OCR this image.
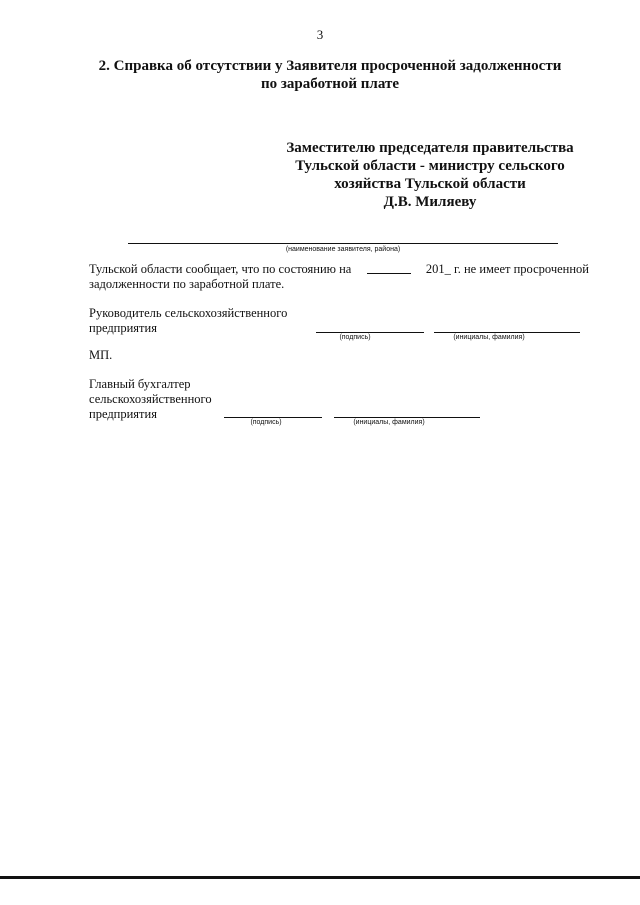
3
2. Справка об отсутствии у Заявителя просроченной задолженности
по заработной плате
Заместителю председателя правительства
Тульской области - министру сельского
хозяйства Тульской области
Д.В. Миляеву
(наименование заявителя, района)
Тульской области сообщает, что по состоянию на	201_ г. не имеет просроченной
задолженности по заработной плате.
Руководитель сельскохозяйственного
предприятия
(подпись)	(инициалы, фамилия)
МП.
Главный бухгалтер
сельскохозяйственного
предприятия
(подпись)	(инициалы, фамилия)
